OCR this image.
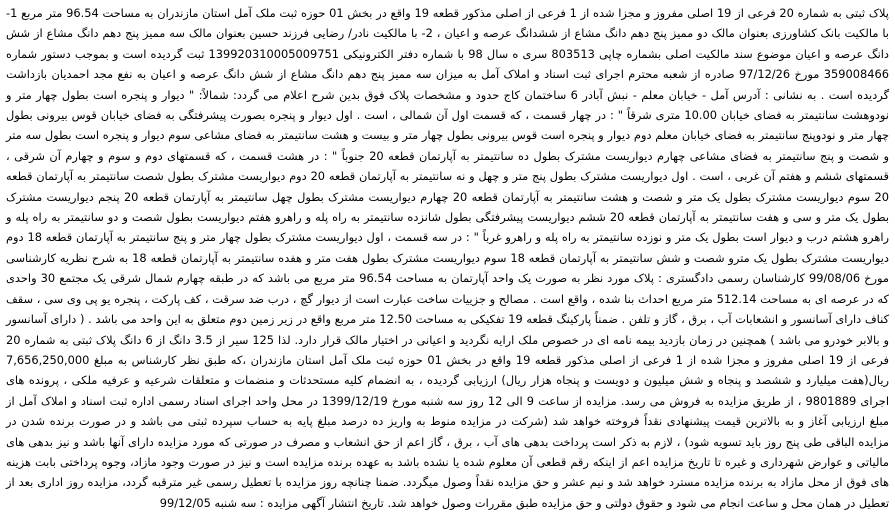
پلاک ثبتی به شماره 20 فرعی از 19 اصلی مفروز و مجزا شده از 1 فرعی از اصلی مذکور قطعه 19 واقع در بخش 01 حوزه ثبت ملک آمل استان مازندران به مساحت 96.54 متر مربع 1- با مالکیت بانک کشاورزی بعنوان مالک دو ممیز پنج دهم دانگ مشاع از ششدانگ عرصه و اعیان ، 2- با مالکیت نادر/ رضایی فرزند حسین بعنوان مالک سه ممیز پنج دهم دانگ مشاع از شش دانگ عرصه و اعیان موضوع سند مالکیت اصلی بشماره چاپی 803513 سری ه سال 98 با شماره دفتر الکترونیکی 139920310005009751 ثبت گردیده است و بموجب دستور شماره 359008466 مورخ 97/12/26 صادره از شعبه محترم اجرای ثبت اسناد و املاک آمل به میزان سه ممیز پنج دهم دانگ مشاع از شش دانگ عرصه و اعیان به نفع مجد احمدیان بازداشت گردیده است . به نشانی : آدرس آمل - خیابان معلم - نبش آبادر 6 ساختمان کاج حدود و مشخصات پلاک فوق بدین شرح اعلام می گردد: شمالاً: " دیوار و پنجره است بطول چهار متر و نودوهشت سانتیمتر به فضای خیابان 10.00 متری شرقاً " : در چهار قسمت ، که قسمت اول آن شمالی ، است . اول دیوار و پنجره بصورت پیشرفتگی به فضای خیابان قوس بیرونی بطول چهار متر و نودوپنج سانتیمتر به فضای خیابان معلم دوم دیوار و پنجره است قوس بیرونی بطول چهار متر و بیست و هشت سانتیمتر به فضای مشاعی سوم دیوار و پنجره است بطول سه متر و شصت و پنج سانتیمتر به فضای مشاعی چهارم دیواریست مشترک بطول ده سانتیمتر به آپارتمان قطعه 20 جنوباً " : در هشت قسمت ، که قسمتهای دوم و سوم و چهارم آن شرقی ، قسمتهای ششم و هفتم آن غربی ، است . اول دیواریست مشترک بطول پنج متر و چهل و نه سانتیمتر به آپارتمان قطعه 20 دوم دیواریست مشترک بطول شصت سانتیمتر به آپارتمان قطعه 20 سوم دیواریست مشترک بطول یک متر و شصت و هشت سانتیمتر به آپارتمان قطعه 20 چهارم دیواریست مشترک بطول چهل سانتیمتر به آپارتمان قطعه 20 پنجم دیواریست مشترک بطول یک متر و سی و هفت سانتیمتر به آپارتمان قطعه 20 ششم دیواریست پیشرفتگی بطول شانزده سانتیمتر به راه پله و راهرو هفتم دیواریست بطول شصت و دو سانتیمتر به راه پله و راهرو هشتم درب و دیوار است بطول یک متر و نوزده سانتیمتر به راه پله و راهرو غرباً " : در سه قسمت ، اول دیواریست مشترک بطول چهار متر و پنج سانتیمتر به آپارتمان قطعه 18 دوم دیواریست مشترک بطول یک مترو شصت و شش سانتیمتر به آپارتمان قطعه 18 سوم دیواریست مشترک بطول هفت متر و هفده سانتیمتر به آپارتمان قطعه 18 به شرح نظریه کارشناسی مورخ 99/08/06 کارشناسان رسمی دادگستری : پلاک مورد نظر به صورت یک واحد آپارتمان به مساحت 96.54 متر مربع می باشد که در طبقه چهارم شمال شرقی یک مجتمع 30 واحدی که در عرصه ای به مساحت 512.14 متر مربع احداث بنا شده ، واقع است . مصالح و جزییات ساخت عبارت است از دیوار گچ ، درب ضد سرقت ، کف پارکت ، پنجره یو پی وی سی ، سقف کناف دارای آسانسور و انشعابات آب ، برق ، گاز و تلفن . ضمناً پارکینگ قطعه 19 تفکیکی به مساحت 12.50 متر مربع واقع در زیر زمین دوم متعلق به این واحد می باشد . ( دارای آسانسور و بالابر خودرو می باشد ) همچنین در زمان بازدید بیمه نامه ای در خصوص ملک ارایه نگردید و اعیانی در اختیار مالک قرار دارد. لذا 125 سیر از 3.5 دانگ از 6 دانگ پلاک ثبتی به شماره 20 فرعی از 19 اصلی مفروز و مجزا شده از 1 فرعی از اصلی مذکور قطعه 19 واقع در بخش 01 حوزه ثبت ملک آمل استان مازندران ،که طبق نظر کارشناس به مبلغ 7,656,250,000 ریال(هفت میلیارد و ششصد و پنجاه و شش میلیون و دویست و پنجاه هزار ریال) ارزیابی گردیده ، به انضمام کلیه مستحدثات و منضمات و متعلقات شرعیه و عرفیه ملکی ، پرونده های اجرای 9801889 ، از طریق مزایده به فروش می رسد. مزایده از ساعت 9 الی 12 روز سه شنبه مورخ 1399/12/19 در محل واحد اجرای اسناد رسمی اداره ثبت اسناد و املاک آمل از مبلغ ارزیابی آغاز و به بالاترین قیمت پیشنهادی نقداً فروخته خواهد شد (شرکت در مزایده منوط به واریز ده درصد مبلغ پایه به حساب سپرده ثبتی می باشد و در صورت برنده شدن در مزایده الباقی طی پنج روز باید تسویه شود) ، لازم به ذکر است پرداخت بدهی های آب ، برق ، گاز اعم از حق انشعاب و مصرف در صورتی که مورد مزایده دارای آنها باشد و نیز بدهی های مالیاتی و عوارض شهرداری و غیره تا تاریخ مزایده اعم از اینکه رقم قطعی آن معلوم شده یا نشده باشد به عهده برنده مزایده است و نیز در صورت وجود مازاد، وجوه پرداختی بابت هزینه های فوق از محل مازاد به برنده مزایده مسترد خواهد شد و نیم عشر و حق مزایده نقداً وصول میگردد. ضمنا چنانچه روز مزایده با تعطیل رسمی غیر مترقبه گردد، مزایده روز اداری بعد از تعطیل در همان محل و ساعت انجام می شود و حقوق دولتی و حق مزایده طبق مقررات وصول خواهد شد. تاریخ انتشار آگهی مزایده : سه شنبه 99/12/05
